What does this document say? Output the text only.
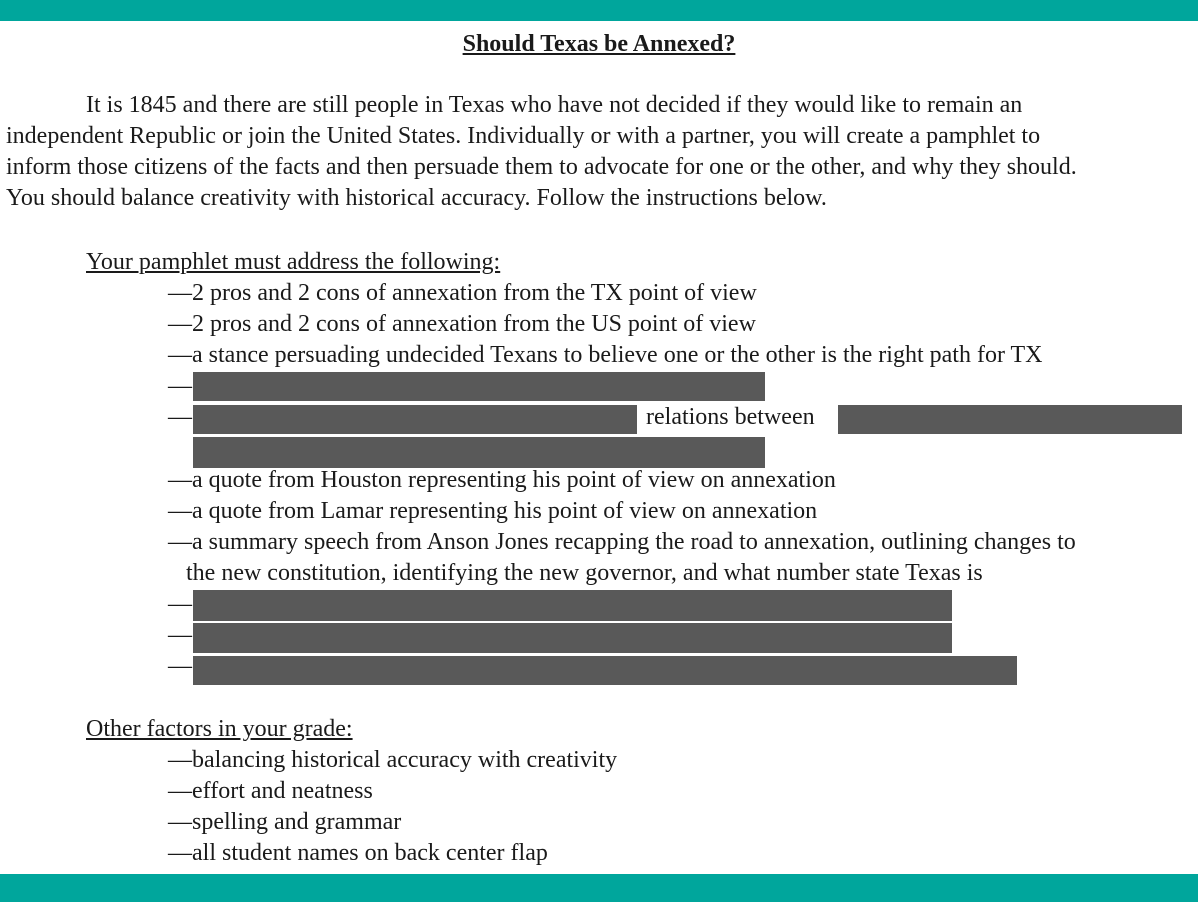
Should Texas be Annexed?
It is 1845 and there are still people in Texas who have not decided if they would like to remain an
independent Republic or join the United States. Individually or with a partner, you will create a pamphlet to
inform those citizens of the facts and then persuade them to advocate for one or the other, and why they should.
You should balance creativity with historical accuracy. Follow the instructions below.
Your pamphlet must address the following:
—2 pros and 2 cons of annexation from the TX point of view
—2 pros and 2 cons of annexation from the US point of view
—a stance persuading undecided Texans to believe one or the other is the right path for TX
—
—	relations between
—a quote from Houston representing his point of view on annexation
—a quote from Lamar representing his point of view on annexation
—a summary speech from Anson Jones recapping the road to annexation, outlining changes to
the new constitution, identifying the new governor, and what number state Texas is
—
—
—
Other factors in your grade:
—balancing historical accuracy with creativity
—effort and neatness
—spelling and grammar
—all student names on back center flap
